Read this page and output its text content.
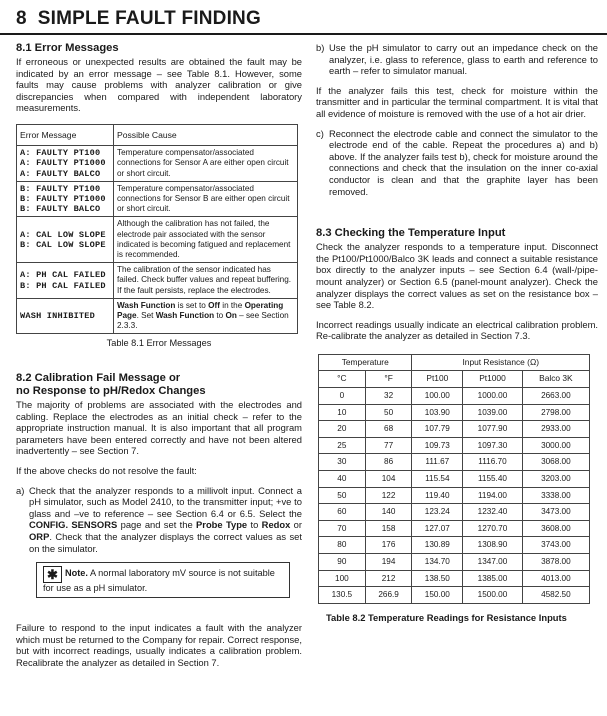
8 SIMPLE FAULT FINDING
8.1 Error Messages

If erroneous or unexpected results are obtained the fault may be indicated by an error message – see Table 8.1. However, some faults may cause problems with analyzer calibration or give discrepancies when compared with independent laboratory measurements.

Error Message	Possible Cause
A: FAULTY PT100
A: FAULTY PT1000
A: FAULTY BALCO	Temperature compensator/associated connections for Sensor A are either open circuit or short circuit.
B: FAULTY PT100
B: FAULTY PT1000
B: FAULTY BALCO	Temperature compensator/associated connections for Sensor B are either open circuit or short circuit.
A: CAL LOW SLOPE
B: CAL LOW SLOPE	Although the calibration has not failed, the electrode pair associated with the sensor indicated is becoming fatigued and replacement is recommended.
A: PH CAL FAILED
B: PH CAL FAILED	The calibration of the sensor indicated has failed. Check buffer values and repeat buffering. If the fault persists, replace the electrodes.
WASH INHIBITED	Wash Function is set to Off in the Operating Page. Set Wash Function to On – see Section 2.3.3.
Table 8.1 Error Messages
8.2 Calibration Fail Message or
no Response to pH/Redox Changes

The majority of problems are associated with the electrodes and cabling. Replace the electrodes as an initial check – refer to the appropriate instruction manual. It is also important that all program parameters have been entered correctly and have not been altered inadvertently – see Section 7.

If the above checks do not resolve the fault:

a) Check that the analyzer responds to a millivolt input. Connect a pH simulator, such as Model 2410, to the transmitter input; +ve to glass and –ve to reference – see Section 6.4 or 6.5. Select the CONFIG. SENSORS page and set the Probe Type to Redox or ORP. Check that the analyzer displays the correct values as set on the simulator.
✱ Note. A normal laboratory mV source is not suitable for use as a pH simulator.

Failure to respond to the input indicates a fault with the analyzer which must be returned to the Company for repair. Correct response, but with incorrect readings, usually indicates a calibration problem. Recalibrate the analyzer as detailed in Section 7.

b) Use the pH simulator to carry out an impedance check on the analyzer, i.e. glass to reference, glass to earth and reference to earth – refer to simulator manual.

If the analyzer fails this test, check for moisture within the transmitter and in particular the terminal compartment. It is vital that all evidence of moisture is removed with the use of a hot air drier.

c) Reconnect the electrode cable and connect the simulator to the electrode end of the cable. Repeat the procedures a) and b) above. If the analyzer fails test b), check for moisture around the connections and check that the insulation on the inner co-axial conductor is clean and that the graphite layer has been removed.
8.3 Checking the Temperature Input

Check the analyzer responds to a temperature input. Disconnect the Pt100/Pt1000/Balco 3K leads and connect a suitable resistance box directly to the analyzer inputs – see Section 6.4 (wall-/pipe-mount analyzer) or Section 6.5 (panel-mount analyzer). Check the analyzer displays the correct values as set on the resistance box – see Table 8.2.

Incorrect readings usually indicate an electrical calibration problem. Re-calibrate the analyzer as detailed in Section 7.3.

Temperature		Input Resistance (Ω)		
°C	°F	Pt100	Pt1000	Balco 3K
0	32	100.00	1000.00	2663.00
10	50	103.90	1039.00	2798.00
20	68	107.79	1077.90	2933.00
25	77	109.73	1097.30	3000.00
30	86	111.67	1116.70	3068.00
40	104	115.54	1155.40	3203.00
50	122	119.40	1194.00	3338.00
60	140	123.24	1232.40	3473.00
70	158	127.07	1270.70	3608.00
80	176	130.89	1308.90	3743.00
90	194	134.70	1347.00	3878.00
100	212	138.50	1385.00	4013.00
130.5	266.9	150.00	1500.00	4582.50
Table 8.2 Temperature Readings for Resistance Inputs
